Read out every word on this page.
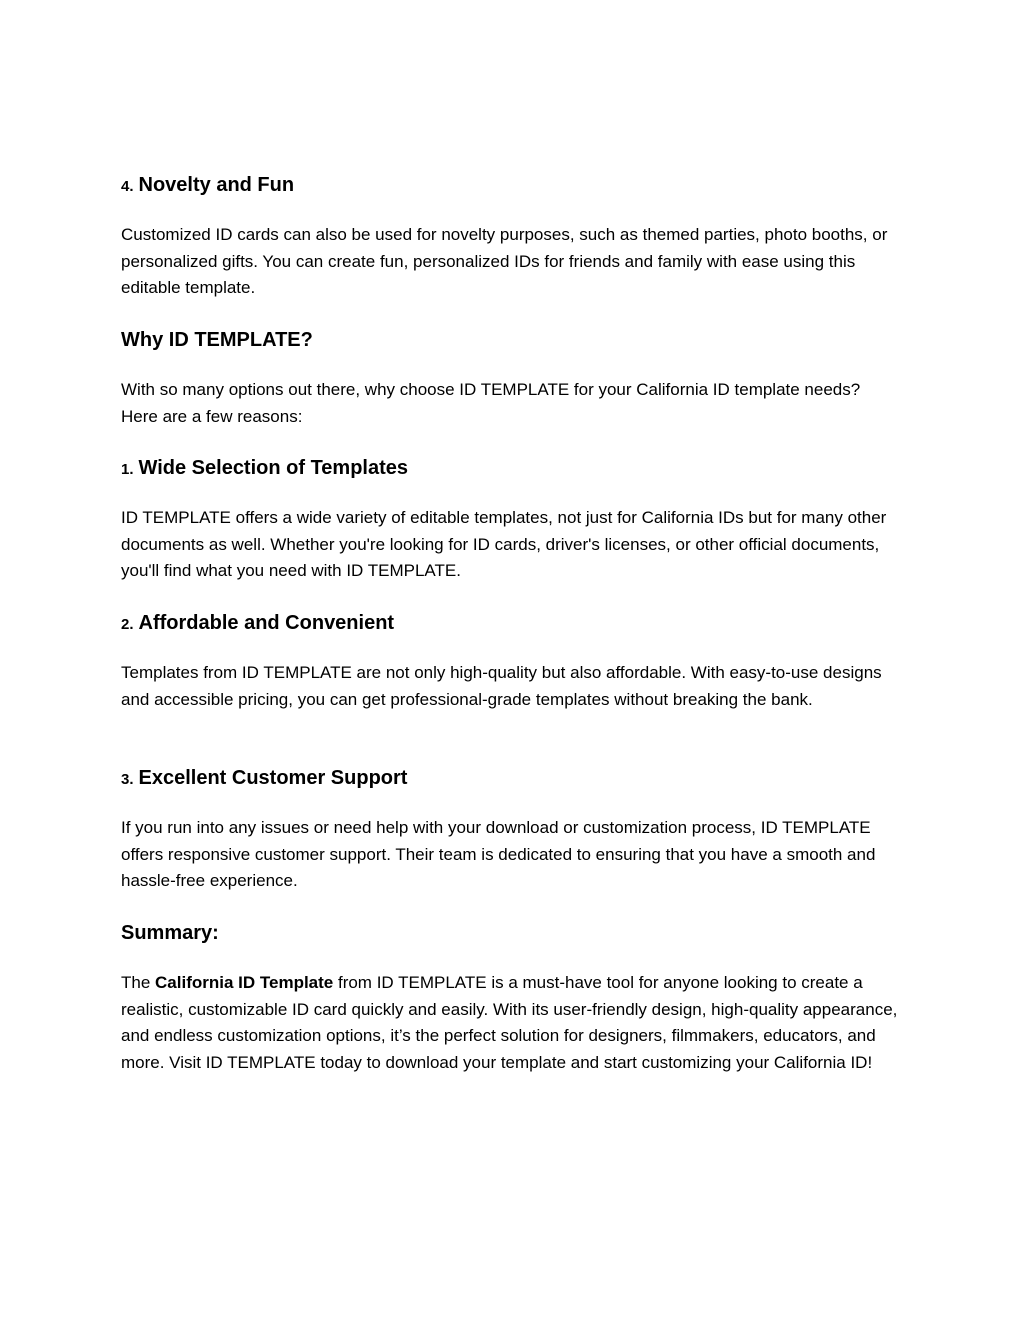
4. Novelty and Fun

Customized ID cards can also be used for novelty purposes, such as themed parties, photo booths, or personalized gifts. You can create fun, personalized IDs for friends and family with ease using this editable template.

Why ID TEMPLATE?

With so many options out there, why choose ID TEMPLATE for your California ID template needs? Here are a few reasons:

1. Wide Selection of Templates

ID TEMPLATE offers a wide variety of editable templates, not just for California IDs but for many other documents as well. Whether you're looking for ID cards, driver's licenses, or other official documents, you'll find what you need with ID TEMPLATE.

2. Affordable and Convenient

Templates from ID TEMPLATE are not only high-quality but also affordable. With easy-to-use designs and accessible pricing, you can get professional-grade templates without breaking the bank.

3. Excellent Customer Support

If you run into any issues or need help with your download or customization process, ID TEMPLATE offers responsive customer support. Their team is dedicated to ensuring that you have a smooth and hassle-free experience.

Summary:

The California ID Template from ID TEMPLATE is a must-have tool for anyone looking to create a realistic, customizable ID card quickly and easily. With its user-friendly design, high-quality appearance, and endless customization options, it’s the perfect solution for designers, filmmakers, educators, and more. Visit ID TEMPLATE today to download your template and start customizing your California ID!
